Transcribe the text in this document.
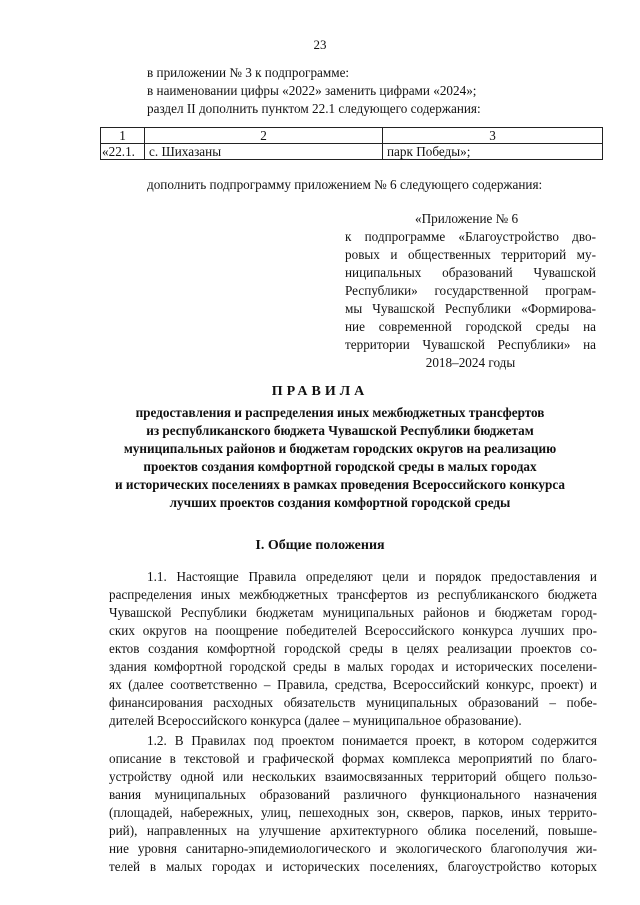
23
в приложении № 3 к подпрограмме:
в наименовании цифры «2022» заменить цифрами «2024»;
раздел II дополнить пунктом 22.1 следующего содержания:
1	2	3
«22.1.	с. Шихазаны	парк Победы»;
дополнить подпрограмму приложением № 6 следующего содержания:
«Приложение № 6
к подпрограмме «Благоустройство дво-
ровых и общественных территорий му-
ниципальных образований Чувашской
Республики» государственной програм-
мы Чувашской Республики «Формирова-
ние современной городской среды на
территории Чувашской Республики» на
2018–2024 годы
ПРАВИЛА
предоставления и распределения иных межбюджетных трансфертов
из республиканского бюджета Чувашской Республики бюджетам
муниципальных районов и бюджетам городских округов на реализацию
проектов создания комфортной городской среды в малых городах
и исторических поселениях в рамках проведения Всероссийского конкурса
лучших проектов создания комфортной городской среды
I. Общие положения
1.1. Настоящие Правила определяют цели и порядок предоставления и
распределения иных межбюджетных трансфертов из республиканского бюджета
Чувашской Республики бюджетам муниципальных районов и бюджетам город-
ских округов на поощрение победителей Всероссийского конкурса лучших про-
ектов создания комфортной городской среды в целях реализации проектов со-
здания комфортной городской среды в малых городах и исторических поселени-
ях (далее соответственно – Правила, средства, Всероссийский конкурс, проект) и
финансирования расходных обязательств муниципальных образований – побе-
дителей Всероссийского конкурса (далее – муниципальное образование).
1.2. В Правилах под проектом понимается проект, в котором содержится
описание в текстовой и графической формах комплекса мероприятий по благо-
устройству одной или нескольких взаимосвязанных территорий общего пользо-
вания муниципальных образований различного функционального назначения
(площадей, набережных, улиц, пешеходных зон, скверов, парков, иных террито-
рий), направленных на улучшение архитектурного облика поселений, повыше-
ние уровня санитарно-эпидемиологического и экологического благополучия жи-
телей в малых городах и исторических поселениях, благоустройство которых
